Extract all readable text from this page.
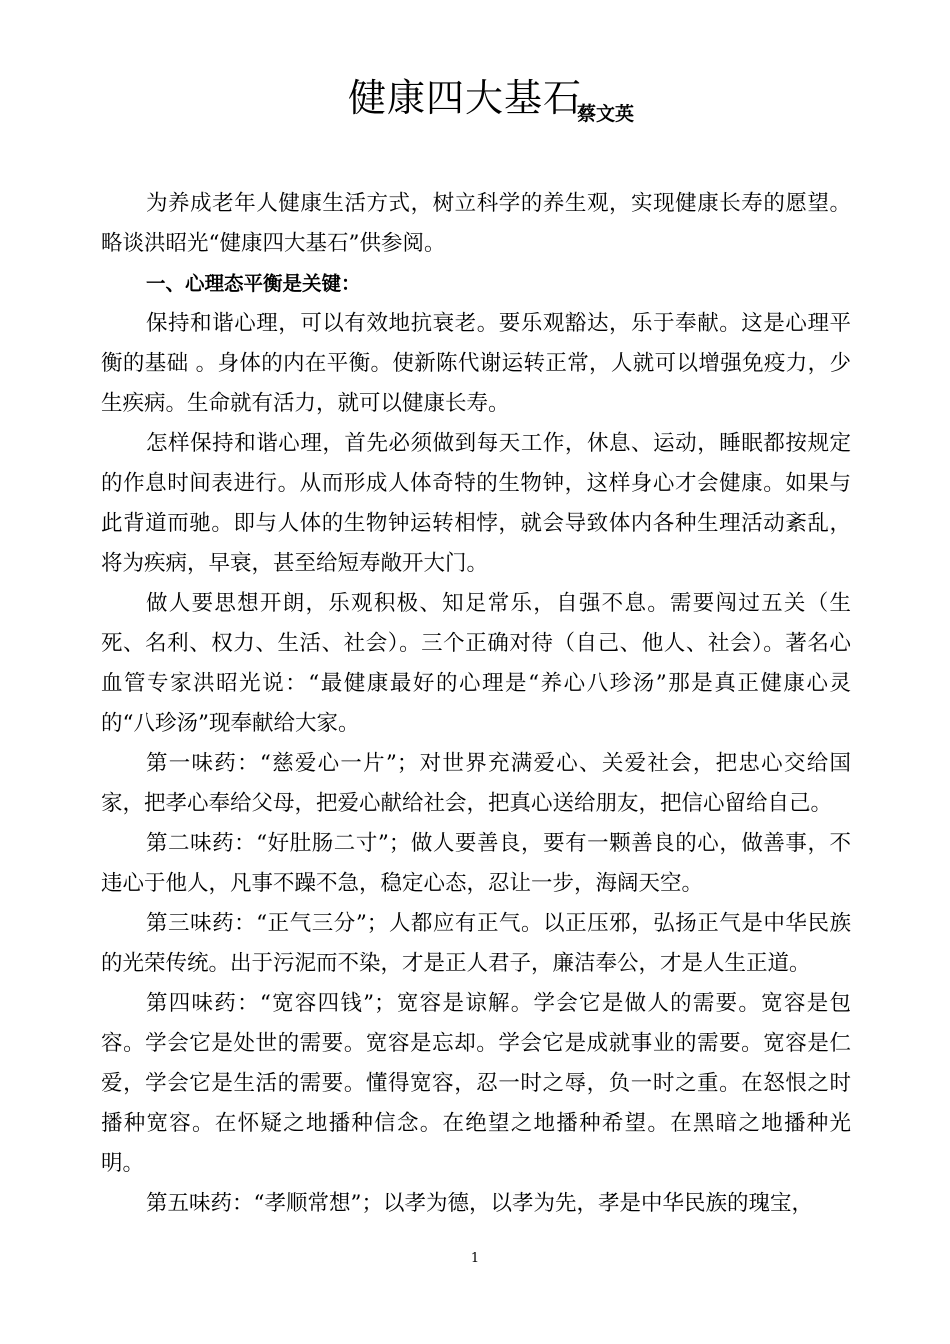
健康四大基石
蔡文英

为养成老年人健康生活方式，树立科学的养生观，实现健康长寿的愿望。略谈洪昭光“健康四大基石”供参阅。

一、心理态平衡是关键：

保持和谐心理，可以有效地抗衰老。要乐观豁达，乐于奉献。这是心理平衡的基础 。身体的内在平衡。使新陈代谢运转正常，人就可以增强免疫力，少生疾病。生命就有活力，就可以健康长寿。

怎样保持和谐心理，首先必须做到每天工作，休息、运动，睡眠都按规定的作息时间表进行。从而形成人体奇特的生物钟，这样身心才会健康。如果与此背道而驰。即与人体的生物钟运转相悖，就会导致体内各种生理活动紊乱，将为疾病，早衰，甚至给短寿敞开大门。

做人要思想开朗，乐观积极、知足常乐，自强不息。需要闯过五关（生死、名利、权力、生活、社会）。三个正确对待（自己、他人、社会）。著名心血管专家洪昭光说：“最健康最好的心理是“养心八珍汤”那是真正健康心灵的“八珍汤”现奉献给大家。

第一味药：“慈爱心一片”；对世界充满爱心、关爱社会，把忠心交给国家，把孝心奉给父母，把爱心献给社会，把真心送给朋友，把信心留给自己。

第二味药：“好肚肠二寸”；做人要善良，要有一颗善良的心，做善事，不违心于他人，凡事不躁不急，稳定心态，忍让一步，海阔天空。

第三味药：“正气三分”；人都应有正气。以正压邪，弘扬正气是中华民族的光荣传统。出于污泥而不染，才是正人君子，廉洁奉公，才是人生正道。

第四味药：“宽容四钱”；宽容是谅解。学会它是做人的需要。宽容是包容。学会它是处世的需要。宽容是忘却。学会它是成就事业的需要。宽容是仁爱，学会它是生活的需要。懂得宽容，忍一时之辱，负一时之重。在怒恨之时播种宽容。在怀疑之地播种信念。在绝望之地播种希望。在黑暗之地播种光明。

第五味药：“孝顺常想”；以孝为德，以孝为先，孝是中华民族的瑰宝，

1
